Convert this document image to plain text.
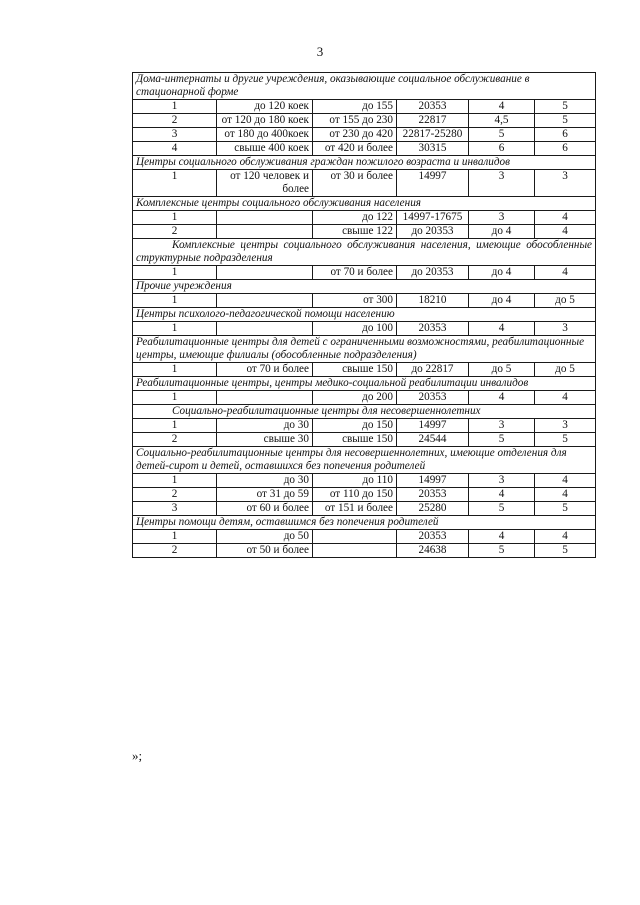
3
Дома-интернаты и другие учреждения, оказывающие социальное обслуживание в стационарной форме					
1	до 120 коек	до 155	20353	4	5
2	от 120 до 180 коек	от 155 до 230	22817	4,5	5
3	от 180 до 400коек	от 230 до 420	22817-25280	5	6
4	свыше 400 коек	от 420 и более	30315	6	6
Центры социального обслуживания граждан пожилого возраста и инвалидов					
1	от 120 человек и более	от 30 и более	14997	3	3
Комплексные центры социального обслуживания населения					
1		до 122	14997-17675	3	4
2		свыше 122	до 20353	до 4	4
Комплексные центры социального обслуживания населения, имеющие обособленные структурные подразделения					
1		от 70 и более	до 20353	до 4	4
Прочие учреждения					
1		от 300	18210	до 4	до 5
Центры психолого-педагогической помощи населению					
1		до 100	20353	4	3
Реабилитационные центры для детей с ограниченными возможностями, реабилитационные центры, имеющие филиалы (обособленные подразделения)					
1	от 70 и более	свыше 150	до 22817	до 5	до 5
Реабилитационные центры, центры медико-социальной реабилитации инвалидов					
1		до 200	20353	4	4
Социально-реабилитационные центры для несовершеннолетних					
1	до 30	до 150	14997	3	3
2	свыше 30	свыше 150	24544	5	5
Социально-реабилитационные центры для несовершеннолетних, имеющие отделения для детей-сирот и детей, оставшихся без попечения родителей					
1	до 30	до 110	14997	3	4
2	от 31 до 59	от 110 до 150	20353	4	4
3	от 60 и более	от 151 и более	25280	5	5
Центры помощи детям, оставшимся без попечения родителей					
1	до 50		20353	4	4
2	от 50 и более		24638	5	5
»;
